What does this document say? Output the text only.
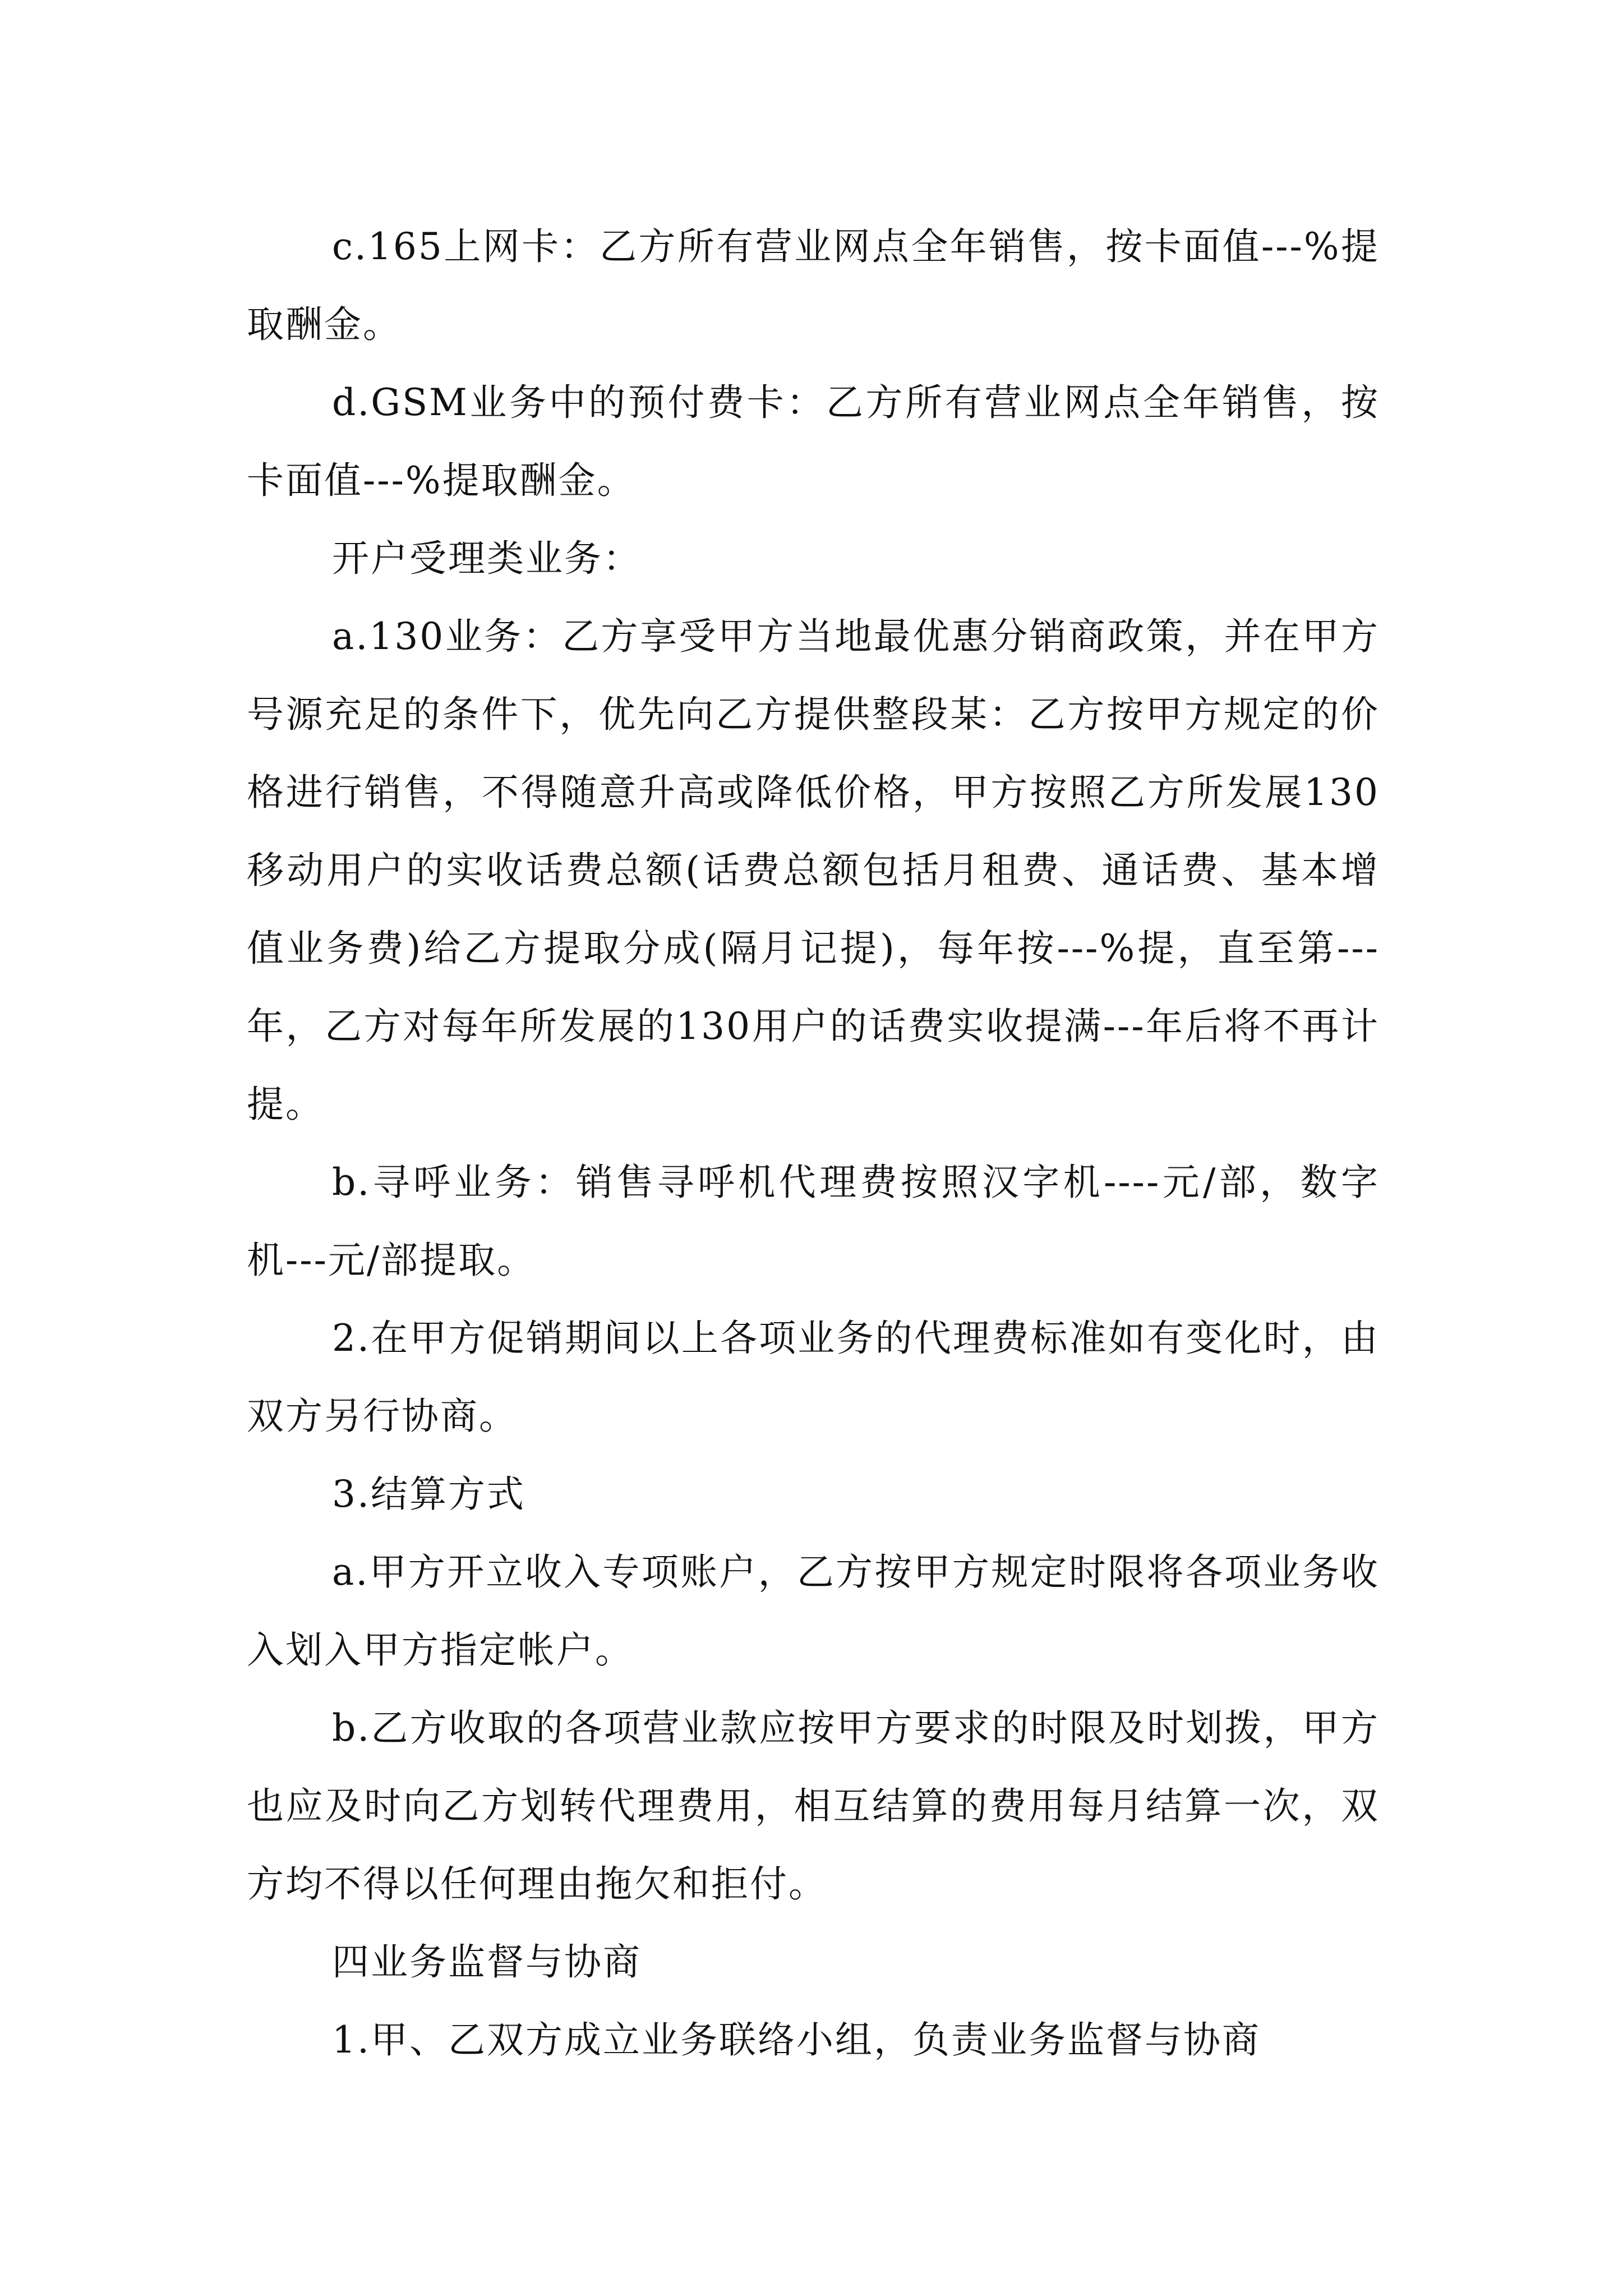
c.165上网卡：乙方所有营业网点全年销售，按卡面值---%提取酬金。

d.GSM业务中的预付费卡：乙方所有营业网点全年销售，按卡面值---%提取酬金。

开户受理类业务：

a.130业务：乙方享受甲方当地最优惠分销商政策，并在甲方号源充足的条件下，优先向乙方提供整段某：乙方按甲方规定的价格进行销售，不得随意升高或降低价格，甲方按照乙方所发展130移动用户的实收话费总额(话费总额包括月租费、通话费、基本增值业务费)给乙方提取分成(隔月记提)，每年按---%提，直至第---年，乙方对每年所发展的130用户的话费实收提满---年后将不再计提。

b.寻呼业务：销售寻呼机代理费按照汉字机----元/部，数字机---元/部提取。

2.在甲方促销期间以上各项业务的代理费标准如有变化时，由双方另行协商。

3.结算方式

a.甲方开立收入专项账户，乙方按甲方规定时限将各项业务收入划入甲方指定帐户。

b.乙方收取的各项营业款应按甲方要求的时限及时划拨，甲方也应及时向乙方划转代理费用，相互结算的费用每月结算一次，双方均不得以任何理由拖欠和拒付。

四业务监督与协商

1.甲、乙双方成立业务联络小组，负责业务监督与协商
